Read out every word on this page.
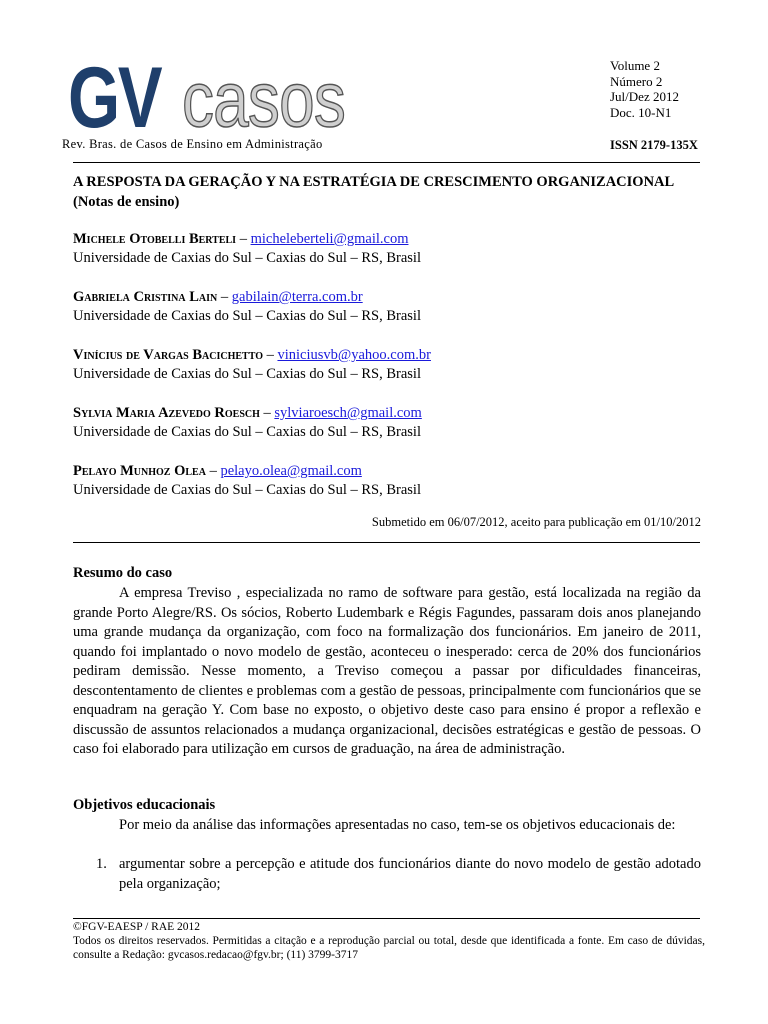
GV casos
Rev. Bras. de Casos de Ensino em Administração
Volume 2
Número 2
Jul/Dez 2012
Doc. 10-N1
ISSN 2179-135X
A RESPOSTA DA GERAÇÃO Y NA ESTRATÉGIA DE CRESCIMENTO ORGANIZACIONAL (Notas de ensino)
Michele Otobelli Berteli – micheleberteli@gmail.com
Universidade de Caxias do Sul – Caxias do Sul – RS, Brasil
Gabriela Cristina Lain – gabilain@terra.com.br
Universidade de Caxias do Sul – Caxias do Sul – RS, Brasil
Vinícius de Vargas Bacichetto – viniciusvb@yahoo.com.br
Universidade de Caxias do Sul – Caxias do Sul – RS, Brasil
Sylvia Maria Azevedo Roesch – sylviaroesch@gmail.com
Universidade de Caxias do Sul – Caxias do Sul – RS, Brasil
Pelayo Munhoz Olea – pelayo.olea@gmail.com
Universidade de Caxias do Sul – Caxias do Sul – RS, Brasil
Submetido em 06/07/2012, aceito para publicação em 01/10/2012
Resumo do caso
A empresa Treviso , especializada no ramo de software para gestão, está localizada na região da grande Porto Alegre/RS. Os sócios, Roberto Ludembark e Régis Fagundes, passaram dois anos planejando uma grande mudança da organização, com foco na formalização dos funcionários. Em janeiro de 2011, quando foi implantado o novo modelo de gestão, aconteceu o inesperado: cerca de 20% dos funcionários pediram demissão. Nesse momento, a Treviso começou a passar por dificuldades financeiras, descontentamento de clientes e problemas com a gestão de pessoas, principalmente com funcionários que se enquadram na geração Y. Com base no exposto, o objetivo deste caso para ensino é propor a reflexão e discussão de assuntos relacionados a mudança organizacional, decisões estratégicas e gestão de pessoas. O caso foi elaborado para utilização em cursos de graduação, na área de administração.
Objetivos educacionais
Por meio da análise das informações apresentadas no caso, tem-se os objetivos educacionais de:
1. argumentar sobre a percepção e atitude dos funcionários diante do novo modelo de gestão adotado pela organização;
©FGV-EAESP / RAE 2012
Todos os direitos reservados. Permitidas a citação e a reprodução parcial ou total, desde que identificada a fonte. Em caso de dúvidas, consulte a Redação: gvcasos.redacao@fgv.br; (11) 3799-3717
